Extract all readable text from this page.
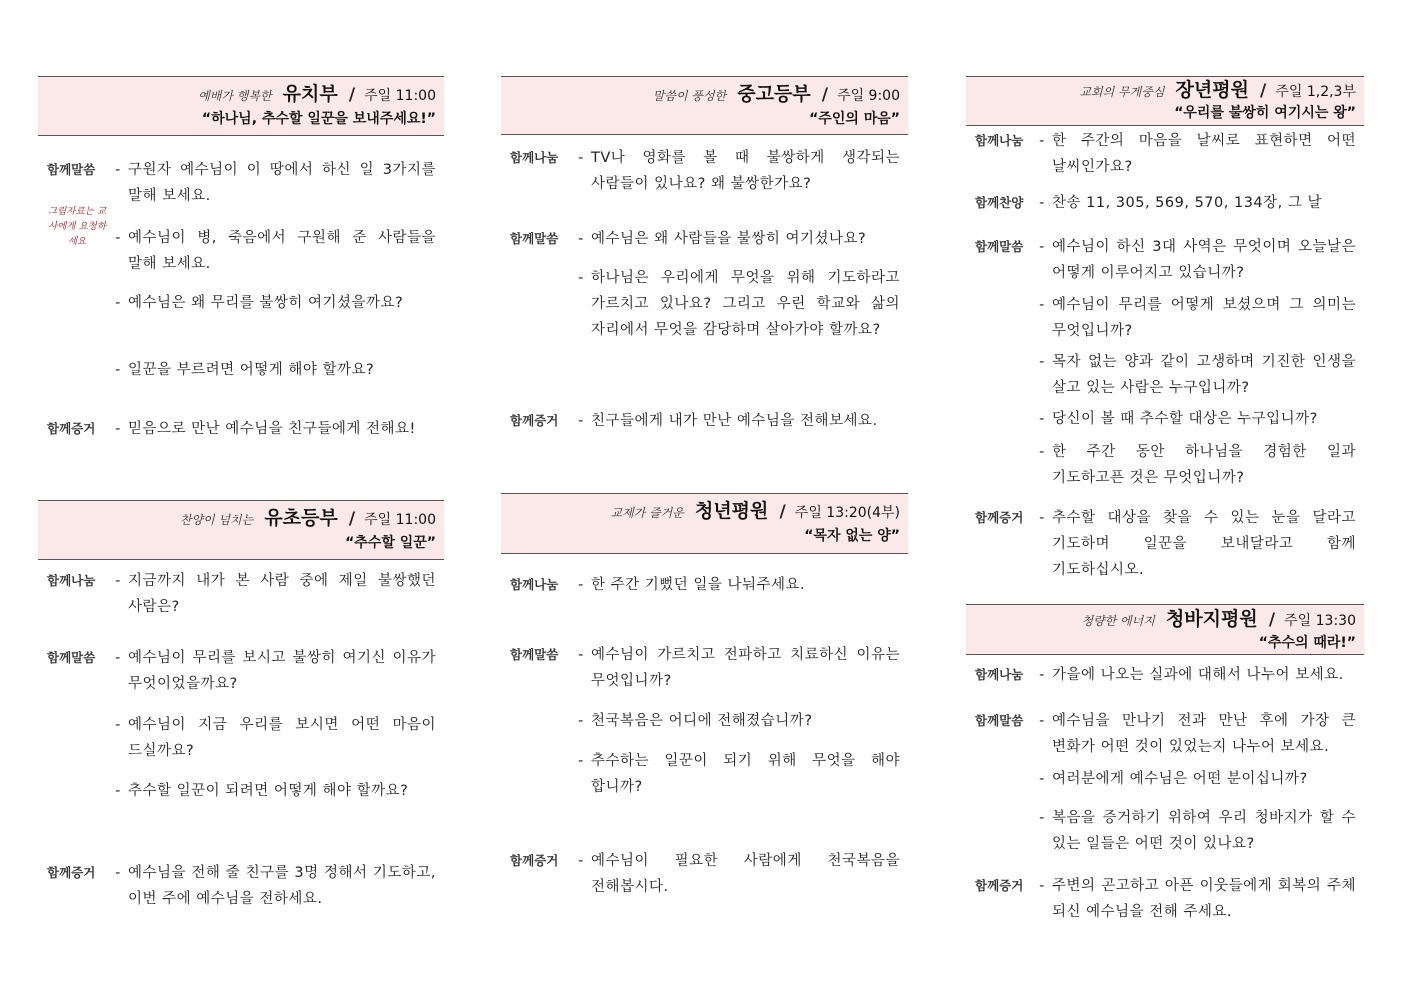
예배가 행복한 유치부 / 주일 11:00
“하나님, 추수할 일꾼을 보내주세요!”
그림자료는 교사에게 요청하세요
함께말씀	- 구원자 예수님이 이 땅에서 하신 일 3가지를 말해 보세요.
- 예수님이 병, 죽음에서 구원해 준 사람들을 말해 보세요.
- 예수님은 왜 무리를 불쌍히 여기셨을까요?
- 일꾼을 부르려면 어떻게 해야 할까요?
함께증거	- 믿음으로 만난 예수님을 친구들에게 전해요!
찬양이 넘치는 유초등부 / 주일 11:00
“추수할 일꾼”
함께나눔	- 지금까지 내가 본 사람 중에 제일 불쌍했던 사람은?
함께말씀	- 예수님이 무리를 보시고 불쌍히 여기신 이유가 무엇이었을까요?
- 예수님이 지금 우리를 보시면 어떤 마음이 드실까요?
- 추수할 일꾼이 되려면 어떻게 해야 할까요?
함께증거	- 예수님을 전해 줄 친구를 3명 정해서 기도하고, 이번 주에 예수님을 전하세요.
말씀이 풍성한 중고등부 / 주일 9:00
“주인의 마음”
함께나눔	- TV나 영화를 볼 때 불쌍하게 생각되는 사람들이 있나요? 왜 불쌍한가요?
함께말씀	- 예수님은 왜 사람들을 불쌍히 여기셨나요?
- 하나님은 우리에게 무엇을 위해 기도하라고 가르치고 있나요? 그리고 우린 학교와 삶의 자리에서 무엇을 감당하며 살아가야 할까요?
함께증거	- 친구들에게 내가 만난 예수님을 전해보세요.
교제가 즐거운 청년평원 / 주일 13:20(4부)
“목자 없는 양”
함께나눔	- 한 주간 기뻤던 일을 나눠주세요.
함께말씀	- 예수님이 가르치고 전파하고 치료하신 이유는 무엇입니까?
- 천국복음은 어디에 전해졌습니까?
- 추수하는 일꾼이 되기 위해 무엇을 해야 합니까?
함께증거	- 예수님이 필요한 사람에게 천국복음을 전해봅시다.
교회의 무게중심 장년평원 / 주일 1,2,3부
“우리를 불쌍히 여기시는 왕”
함께나눔	- 한 주간의 마음을 날씨로 표현하면 어떤 날씨인가요?
함께찬양	- 찬송 11, 305, 569, 570, 134장, 그 날
함께말씀	- 예수님이 하신 3대 사역은 무엇이며 오늘날은 어떻게 이루어지고 있습니까?
- 예수님이 무리를 어떻게 보셨으며 그 의미는 무엇입니까?
- 목자 없는 양과 같이 고생하며 기진한 인생을 살고 있는 사람은 누구입니까?
- 당신이 볼 때 추수할 대상은 누구입니까?
- 한 주간 동안 하나님을 경험한 일과 기도하고픈 것은 무엇입니까?
함께증거	- 추수할 대상을 찾을 수 있는 눈을 달라고 기도하며 일꾼을 보내달라고 함께 기도하십시오.
청량한 에너지 청바지평원 / 주일 13:30
“추수의 때라!”
함께나눔	- 가을에 나오는 실과에 대해서 나누어 보세요.
함께말씀	- 예수님을 만나기 전과 만난 후에 가장 큰 변화가 어떤 것이 있었는지 나누어 보세요.
- 여러분에게 예수님은 어떤 분이십니까?
- 복음을 증거하기 위하여 우리 청바지가 할 수 있는 일들은 어떤 것이 있나요?
함께증거	- 주변의 곤고하고 아픈 이웃들에게 회복의 주체 되신 예수님을 전해 주세요.
